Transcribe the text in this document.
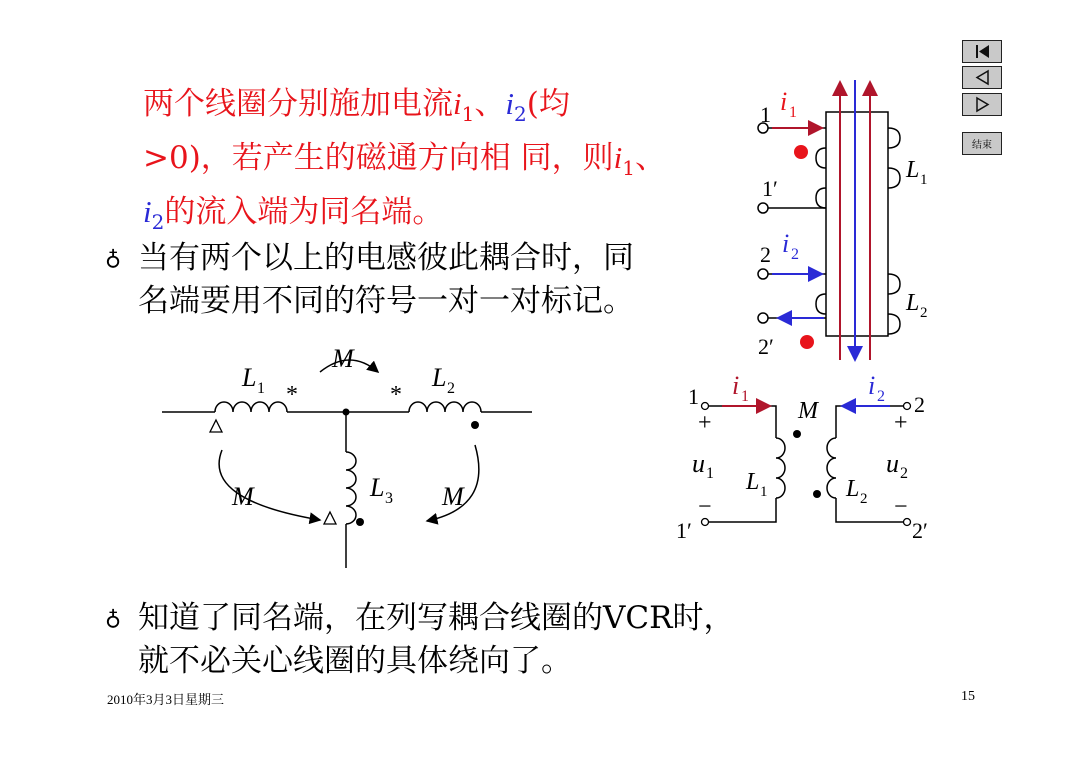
两个线圈分别施加电流$i_1$、$i_2$(均
>0)，若产生的磁通方向相 同，则$i_1$、
$i_2$的流入端为同名端。
♁ 当有两个以上的电感彼此耦合时，同
名端要用不同的符号一对一对标记。
♁ 知道了同名端，在列写耦合线圈的VCR时，
就不必关心线圈的具体绕向了。
1 i 1
1′
2 i 2
2′
L 1
L 2
*	*
M
M	M
L 1	L 2
L 3
1 i 1
M
i 2 2
+	+
u 1	u 2
L 1	L 2
−	−
1′	2′
结束
2010年3月3日星期三	15
